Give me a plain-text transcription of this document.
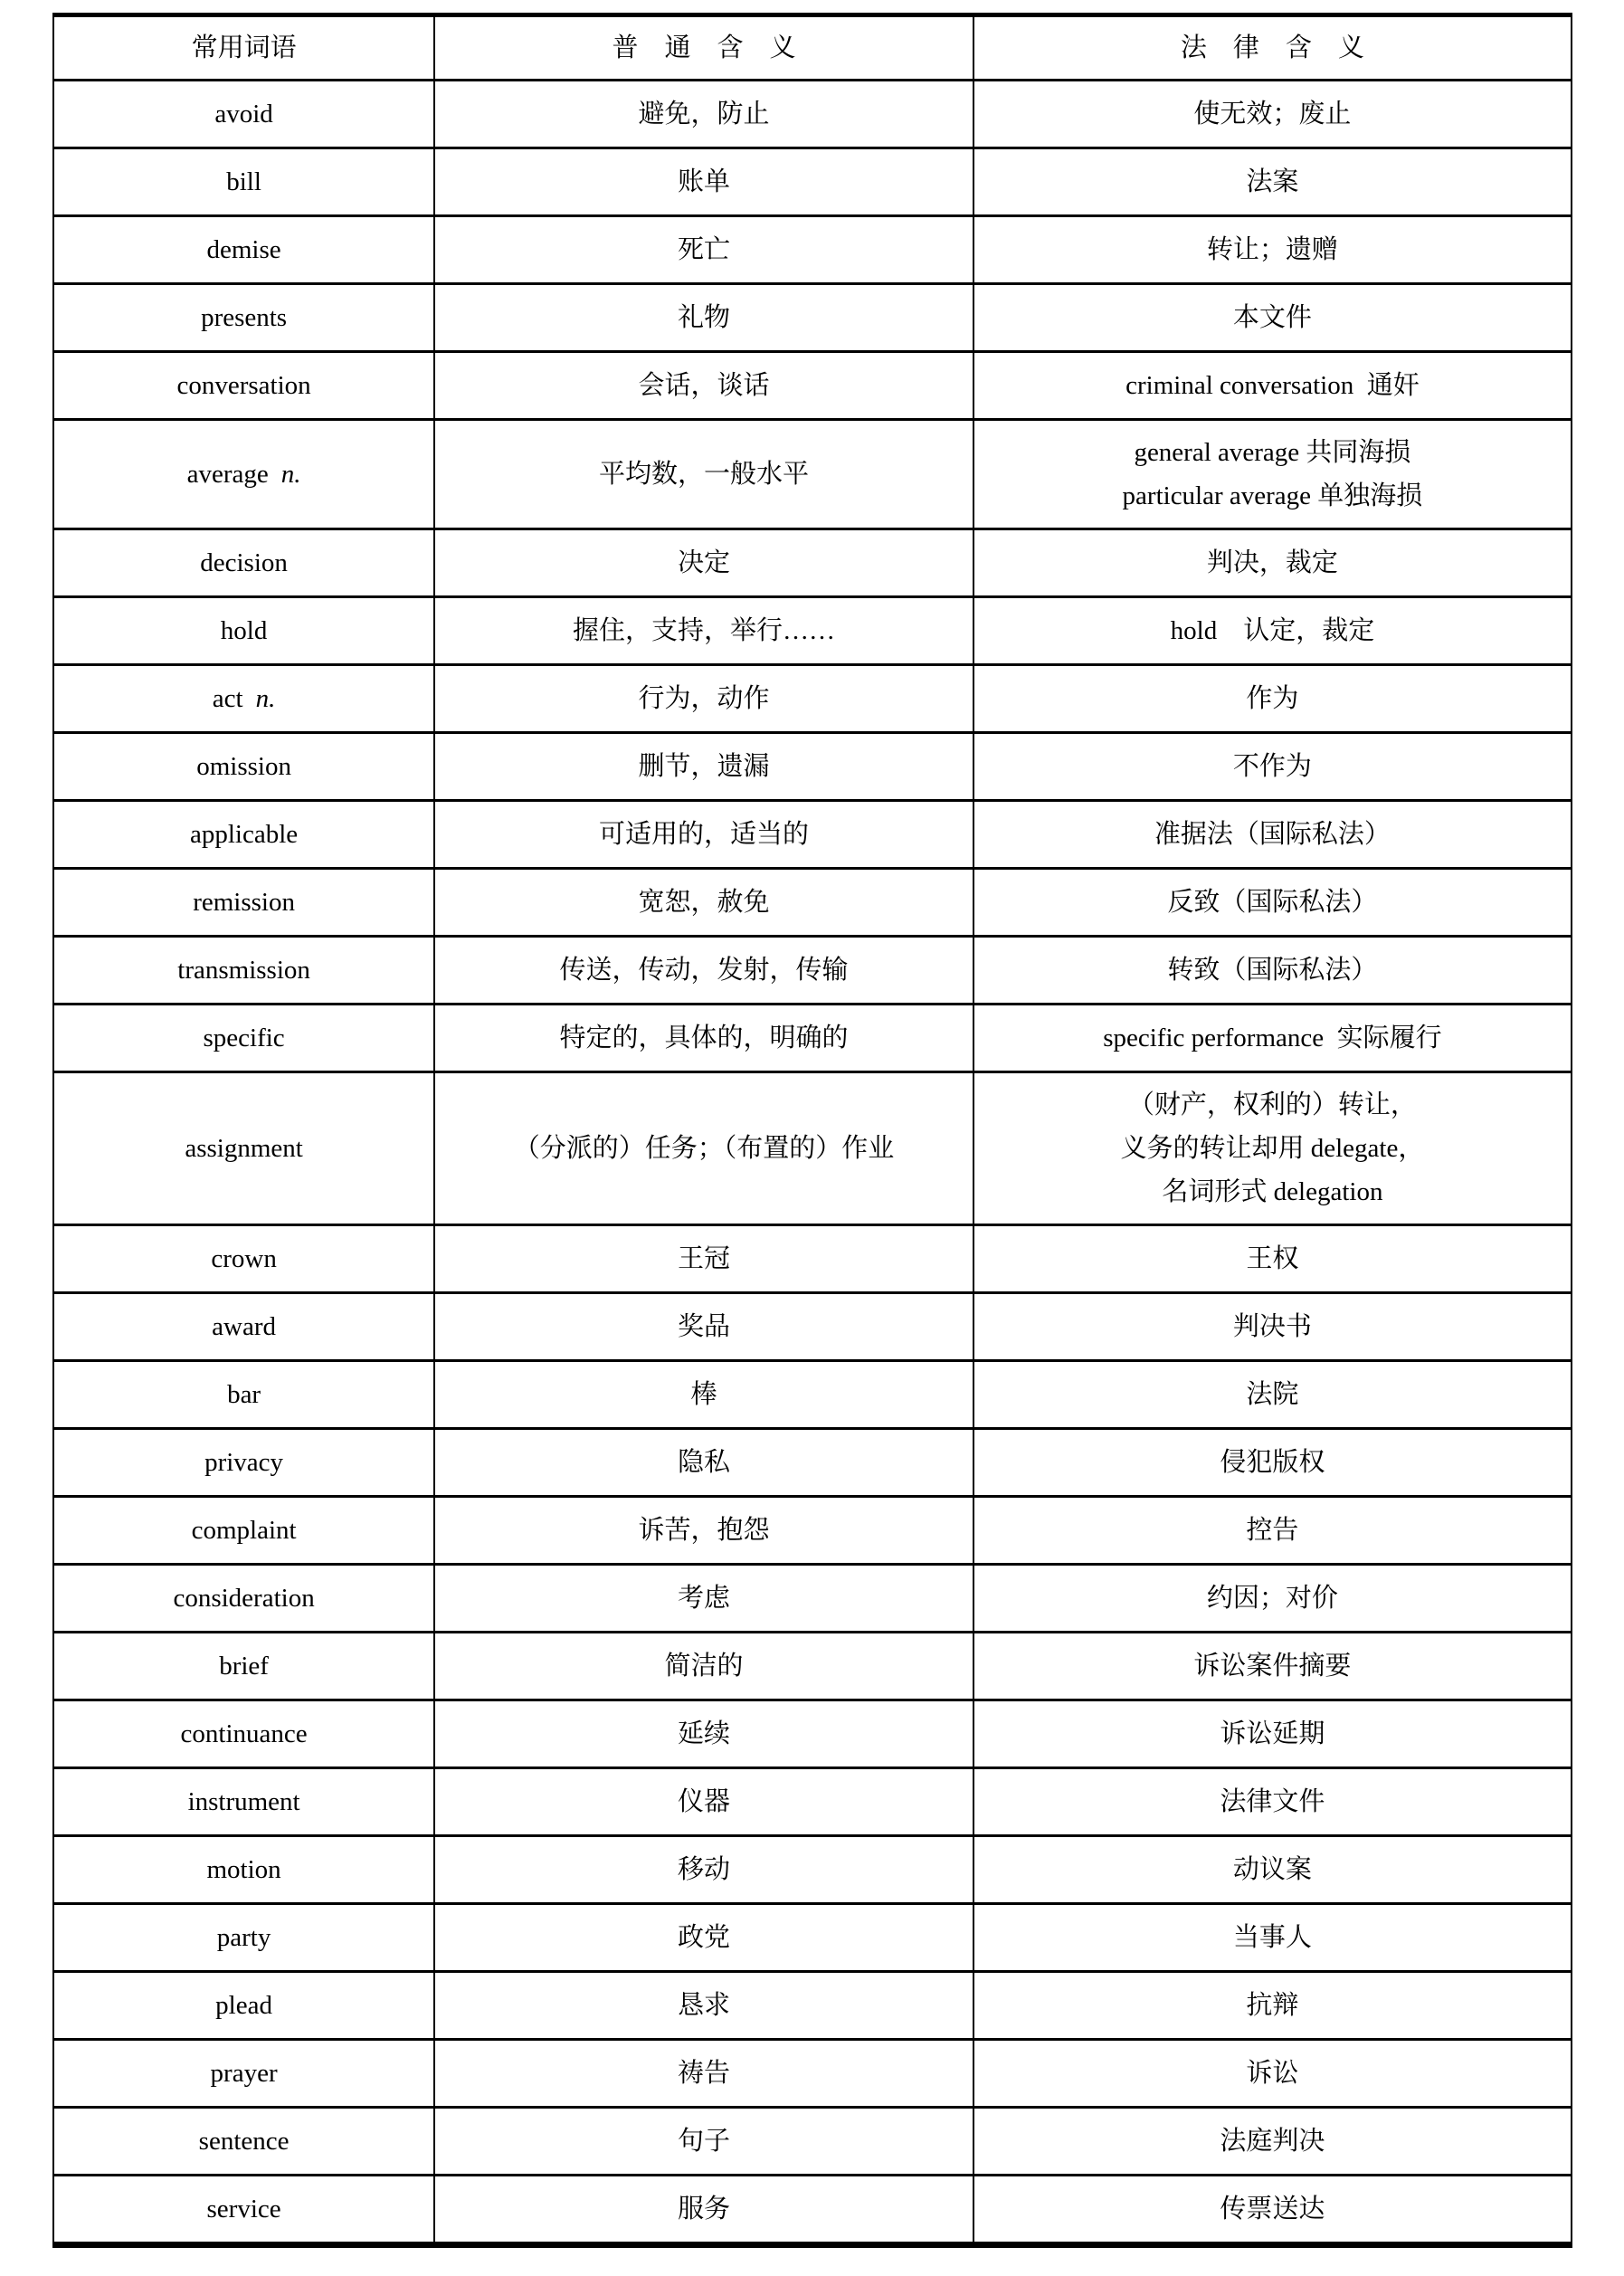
常用词语	普　通　含　义	法　律　含　义
avoid	避免，防止	使无效；废止

bill	账单	法案

demise	死亡	转让；遗赠

presents	礼物	本文件

conversation	会话，谈话	criminal conversation 通奸

average n.	平均数，一般水平	general average 共同海损
particular average 单独海损

decision	决定	判决，裁定

hold	握住，支持，举行……	hold　认定，裁定

act n.	行为，动作	作为

omission	删节，遗漏	不作为

applicable	可适用的，适当的	准据法（国际私法）

remission	宽恕，赦免	反致（国际私法）

transmission	传送，传动，发射，传输	转致（国际私法）

specific	特定的，具体的，明确的	specific performance 实际履行

assignment	（分派的）任务；（布置的）作业	（财产，权利的）转让，
义务的转让却用 delegate，
名词形式 delegation

crown	王冠	王权

award	奖品	判决书

bar	棒	法院

privacy	隐私	侵犯版权

complaint	诉苦，抱怨	控告

consideration	考虑	约因；对价

brief	简洁的	诉讼案件摘要

continuance	延续	诉讼延期

instrument	仪器	法律文件

motion	移动	动议案

party	政党	当事人

plead	恳求	抗辩

prayer	祷告	诉讼

sentence	句子	法庭判决

service	服务	传票送达
